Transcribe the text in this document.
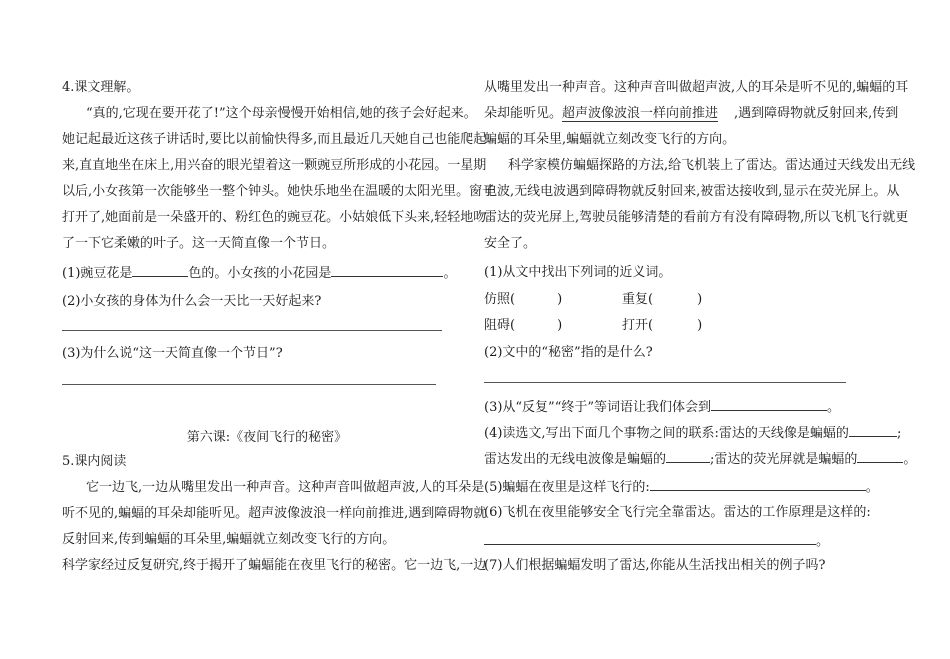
4.课文理解。
“真的,它现在要开花了!”这个母亲慢慢开始相信,她的孩子会好起来。
她记起最近这孩子讲话时,要比以前愉快得多,而且最近几天她自己也能爬起
来,直直地坐在床上,用兴奋的眼光望着这一颗豌豆所形成的小花园。一星期
以后,小女孩第一次能够坐一整个钟头。她快乐地坐在温暖的太阳光里。窗子
打开了,她面前是一朵盛开的、粉红色的豌豆花。小姑娘低下头来,轻轻地吻
了一下它柔嫩的叶子。这一天简直像一个节日。
(1)豌豆花是	色的。小女孩的小花园是	。
(2)小女孩的身体为什么会一天比一天好起来?
(3)为什么说“这一天简直像一个节日”?
第六课:《夜间飞行的秘密》
5.课内阅读
它一边飞,一边从嘴里发出一种声音。这种声音叫做超声波,人的耳朵是
听不见的,蝙蝠的耳朵却能听见。超声波像波浪一样向前推进,遇到障碍物就
反射回来,传到蝙蝠的耳朵里,蝙蝠就立刻改变飞行的方向。
科学家经过反复研究,终于揭开了蝙蝠能在夜里飞行的秘密。它一边飞,一边
从嘴里发出一种声音。这种声音叫做超声波,人的耳朵是听不见的,蝙蝠的耳
朵却能听见。超声波像波浪一样向前推进 ,遇到障碍物就反射回来,传到
蝙蝠的耳朵里,蝙蝠就立刻改变飞行的方向。
科学家模仿蝙蝠探路的方法,给飞机装上了雷达。雷达通过天线发出无线
电波,无线电波遇到障碍物就反射回来,被雷达接收到,显示在荧光屏上。从
雷达的荧光屏上,驾驶员能够清楚的看前方有没有障碍物,所以飞机飞行就更
安全了。
(1)从文中找出下列词的近义词。
仿照(	)	重复(	)
阻碍(	)	打开(	)
(2)文中的“秘密”指的是什么?
(3)从“反复”“终于”等词语让我们体会到	。
(4)读选文,写出下面几个事物之间的联系:雷达的天线像是蝙蝠的	;
雷达发出的无线电波像是蝙蝠的	;雷达的荧光屏就是蝙蝠的	。
(5)蝙蝠在夜里是这样飞行的:	。
(6)飞机在夜里能够安全飞行完全靠雷达。雷达的工作原理是这样的:
。
(7)人们根据蝙蝠发明了雷达,你能从生活找出相关的例子吗?
